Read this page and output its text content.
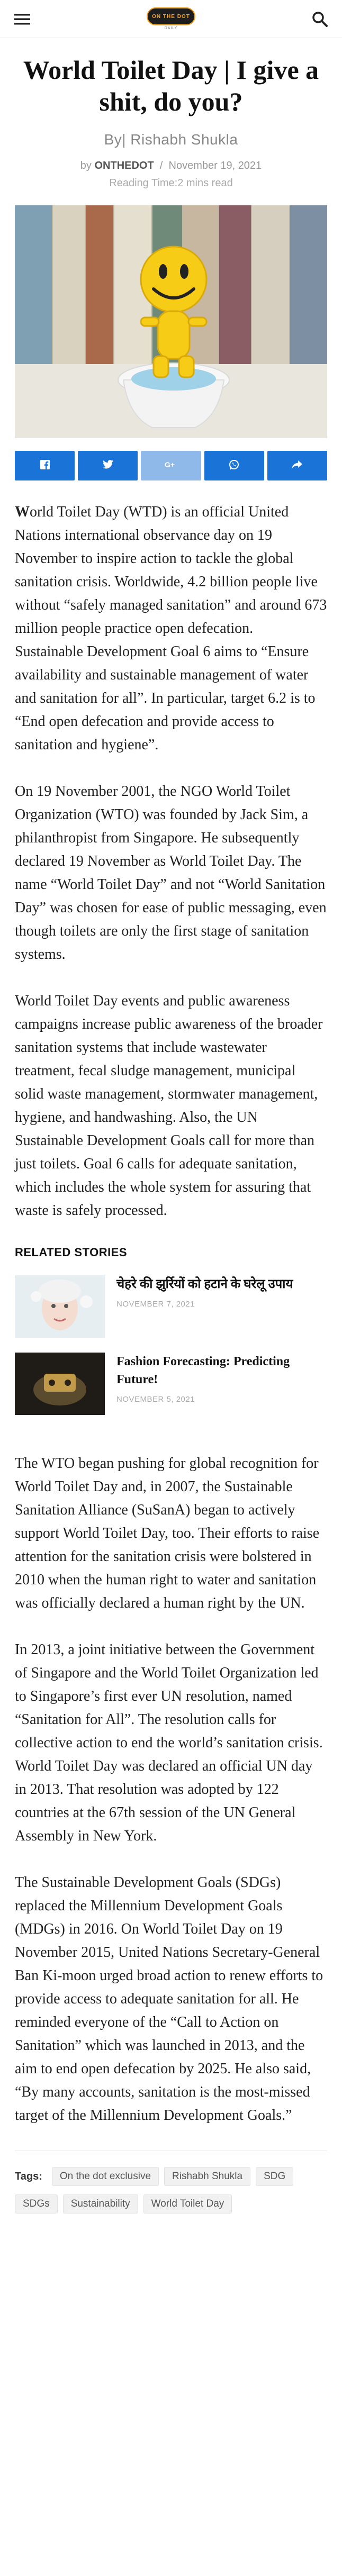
ON THE DOT
DAILY
World Toilet Day | I give a shit, do you?
By| Rishabh Shukla
by ONTHEDOT / November 19, 2021
Reading Time:2 mins read
G+

World Toilet Day (WTD) is an official United Nations international observance day on 19 November to inspire action to tackle the global sanitation crisis. Worldwide, 4.2 billion people live without “safely managed sanitation” and around 673 million people practice open defecation.
Sustainable Development Goal 6 aims to “Ensure availability and sustainable management of water and sanitation for all”. In particular, target 6.2 is to “End open defecation and provide access to sanitation and hygiene”.

On 19 November 2001, the NGO World Toilet Organization (WTO) was founded by Jack Sim, a philanthropist from Singapore. He subsequently declared 19 November as World Toilet Day. The name “World Toilet Day” and not “World Sanitation Day” was chosen for ease of public messaging, even though toilets are only the first stage of sanitation systems.

World Toilet Day events and public awareness campaigns increase public awareness of the broader sanitation systems that include wastewater treatment, fecal sludge management, municipal solid waste management, stormwater management, hygiene, and handwashing. Also, the UN Sustainable Development Goals call for more than just toilets. Goal 6 calls for adequate sanitation, which includes the whole system for assuring that waste is safely processed.

RELATED STORIES
चेहरे की झुर्रियों को हटाने के घरेलू उपाय
NOVEMBER 7, 2021
Fashion Forecasting: Predicting Future!
NOVEMBER 5, 2021

The WTO began pushing for global recognition for World Toilet Day and, in 2007, the Sustainable Sanitation Alliance (SuSanA) began to actively support World Toilet Day, too. Their efforts to raise attention for the sanitation crisis were bolstered in 2010 when the human right to water and sanitation was officially declared a human right by the UN.

In 2013, a joint initiative between the Government of Singapore and the World Toilet Organization led to Singapore’s first ever UN resolution, named “Sanitation for All”. The resolution calls for collective action to end the world’s sanitation crisis. World Toilet Day was declared an official UN day in 2013. That resolution was adopted by 122 countries at the 67th session of the UN General Assembly in New York.

The Sustainable Development Goals (SDGs) replaced the Millennium Development Goals (MDGs) in 2016. On World Toilet Day on 19 November 2015, United Nations Secretary-General Ban Ki-moon urged broad action to renew efforts to provide access to adequate sanitation for all. He reminded everyone of the “Call to Action on Sanitation” which was launched in 2013, and the aim to end open defecation by 2025. He also said, “By many accounts, sanitation is the most-missed target of the Millennium Development Goals.”

Tags:	On the dot exclusive	Rishabh Shukla	SDG
SDGs	Sustainability	World Toilet Day
